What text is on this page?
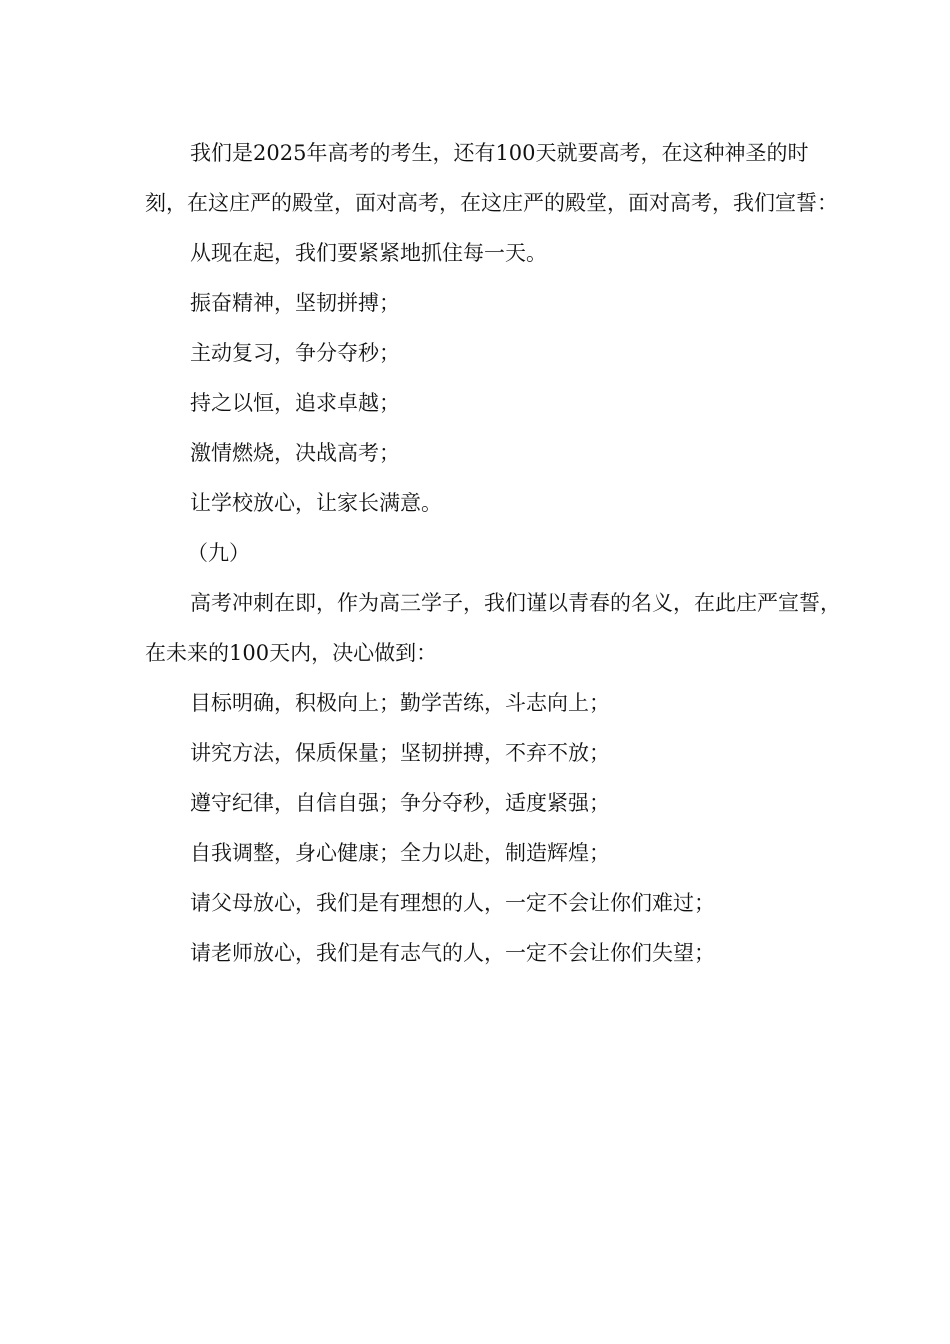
我们是2025年高考的考生，还有100天就要高考，在这种神圣的时刻，在这庄严的殿堂，面对高考，在这庄严的殿堂，面对高考，我们宣誓：

从现在起，我们要紧紧地抓住每一天。

振奋精神，坚韧拼搏；

主动复习，争分夺秒；

持之以恒，追求卓越；

激情燃烧，决战高考；

让学校放心，让家长满意。

（九）

高考冲刺在即，作为高三学子，我们谨以青春的名义，在此庄严宣誓，在未来的100天内，决心做到：

目标明确，积极向上；勤学苦练，斗志向上；

讲究方法，保质保量；坚韧拼搏，不弃不放；

遵守纪律，自信自强；争分夺秒，适度紧强；

自我调整，身心健康；全力以赴，制造辉煌；

请父母放心，我们是有理想的人，一定不会让你们难过；

请老师放心，我们是有志气的人，一定不会让你们失望；
